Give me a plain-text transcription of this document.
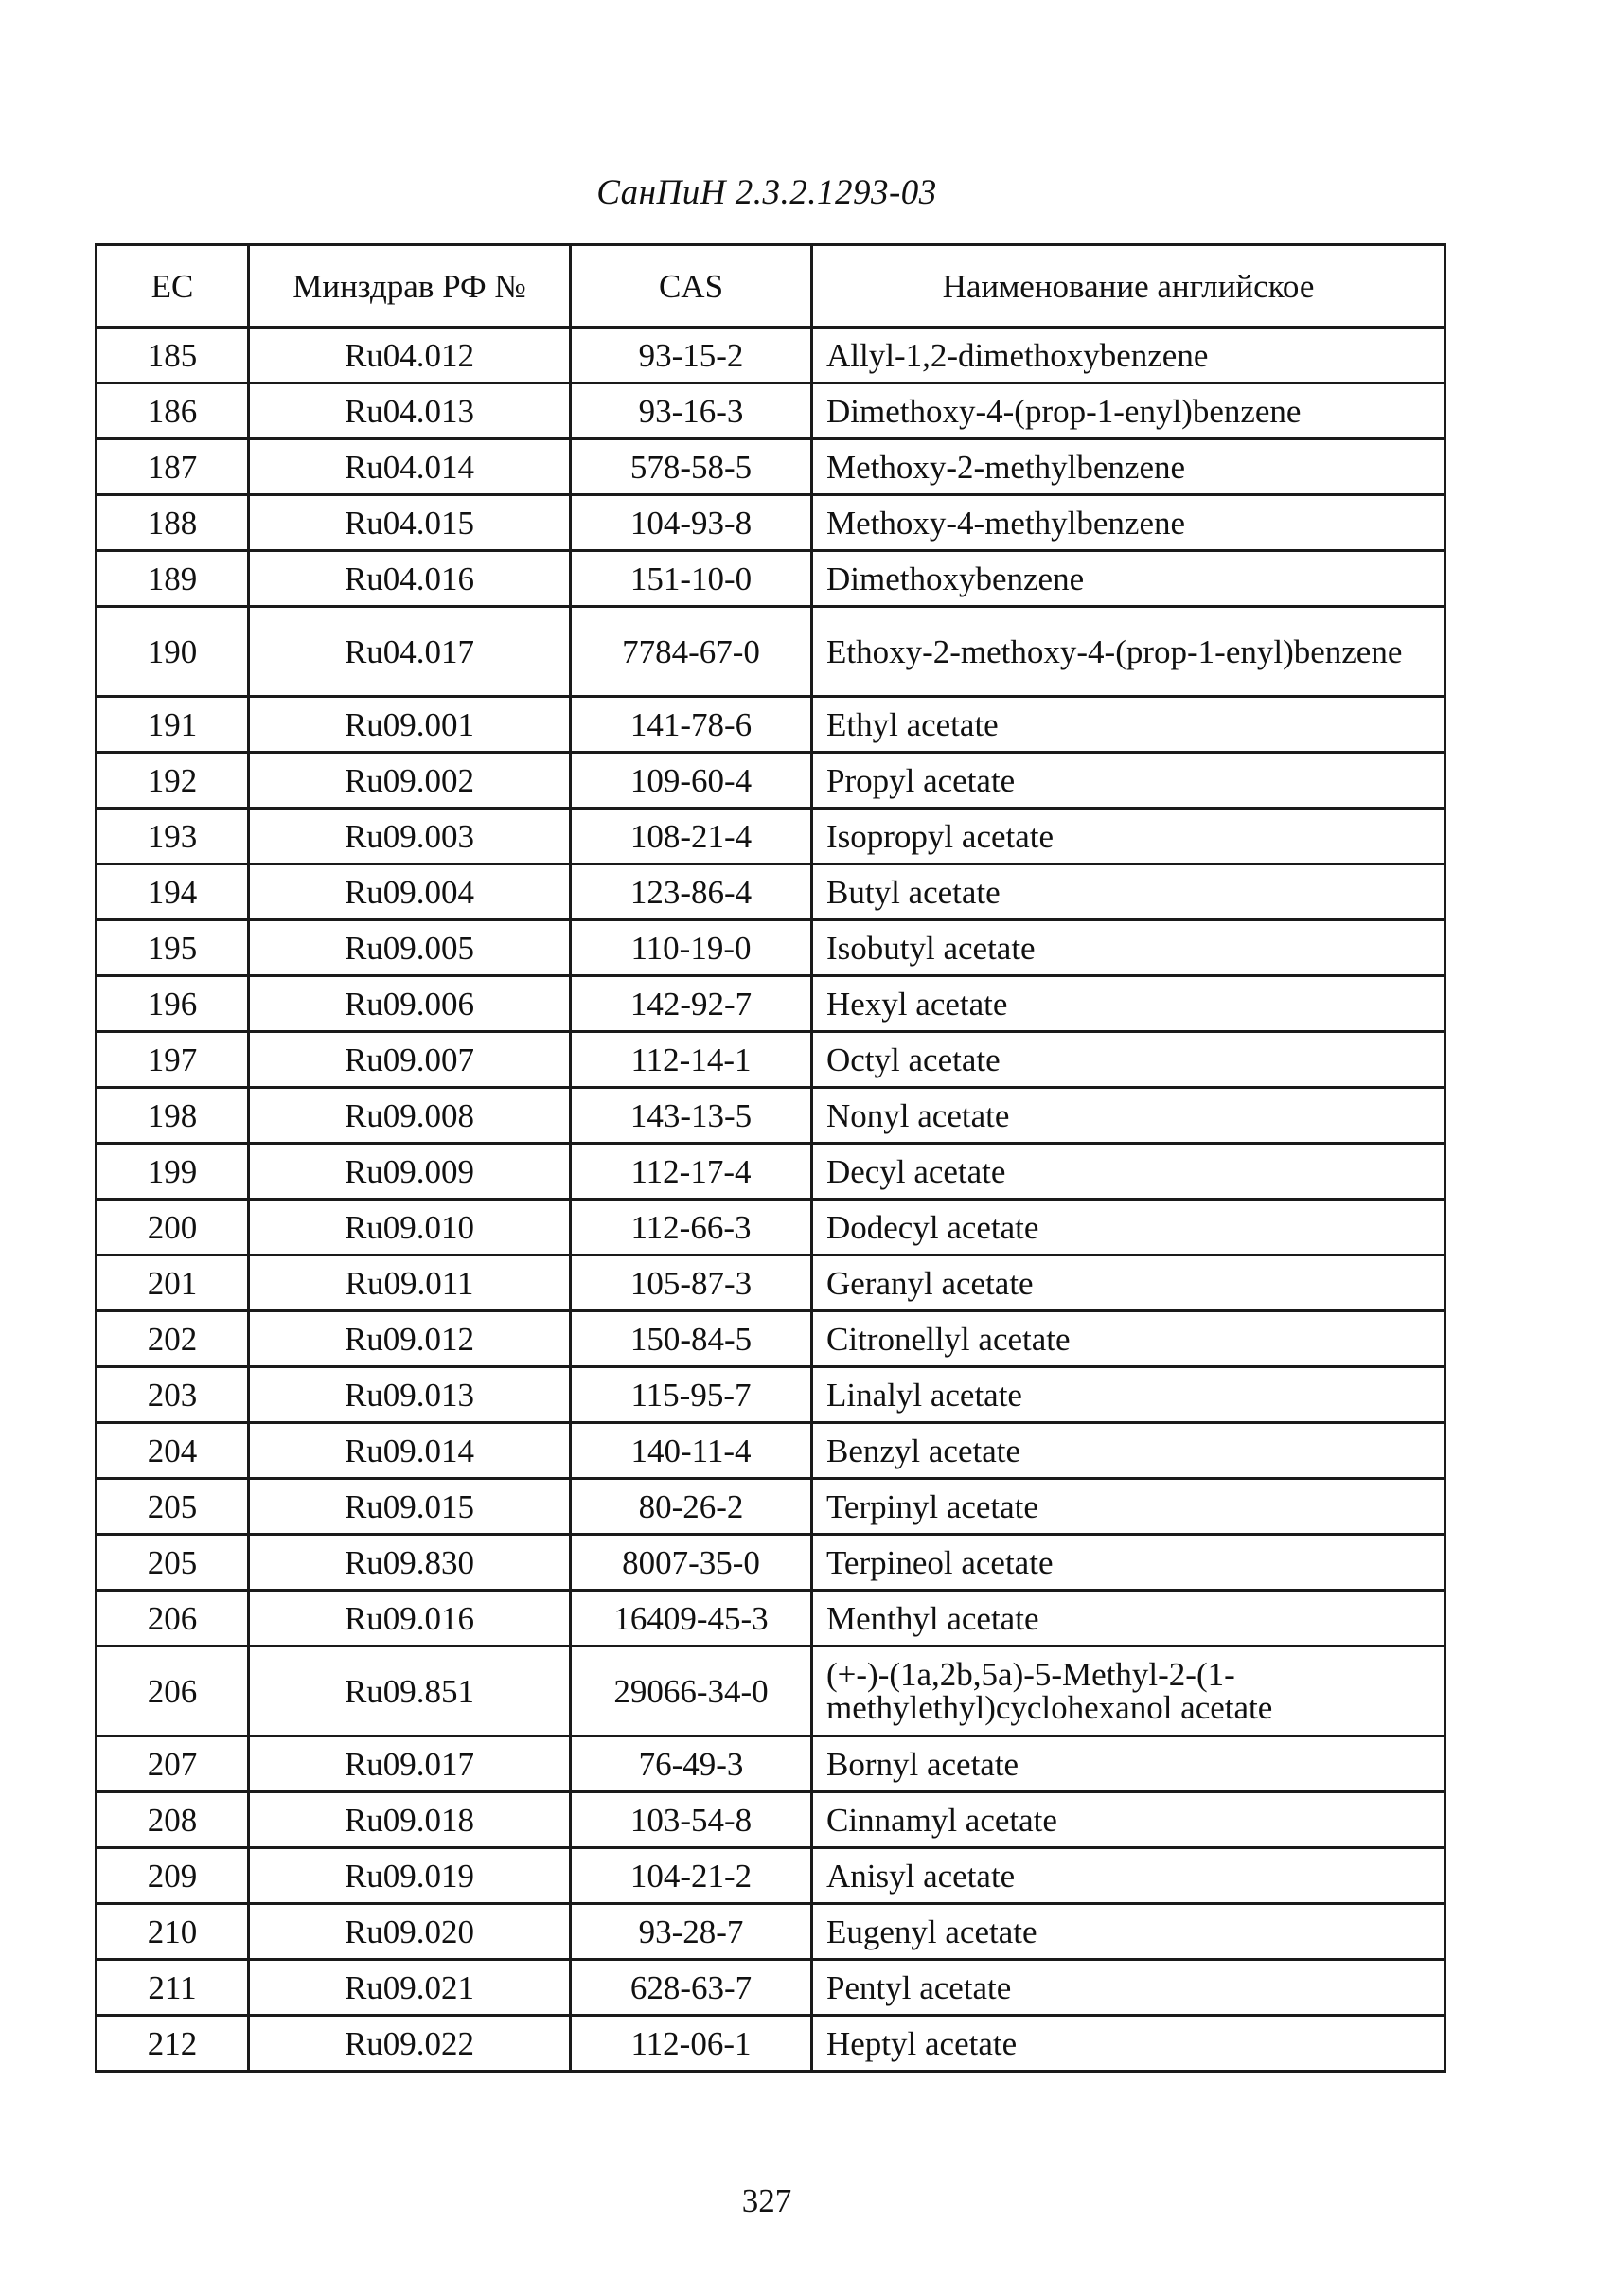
СанПиН 2.3.2.1293-03
ЕС	Минздрав РФ №	CAS	Наименование английское
185	Ru04.012	93-15-2	Allyl-1,2-dimethoxybenzene
186	Ru04.013	93-16-3	Dimethoxy-4-(prop-1-enyl)benzene
187	Ru04.014	578-58-5	Methoxy-2-methylbenzene
188	Ru04.015	104-93-8	Methoxy-4-methylbenzene
189	Ru04.016	151-10-0	Dimethoxybenzene
190	Ru04.017	7784-67-0	Ethoxy-2-methoxy-4-(prop-1-enyl)benzene
191	Ru09.001	141-78-6	Ethyl acetate
192	Ru09.002	109-60-4	Propyl acetate
193	Ru09.003	108-21-4	Isopropyl acetate
194	Ru09.004	123-86-4	Butyl acetate
195	Ru09.005	110-19-0	Isobutyl acetate
196	Ru09.006	142-92-7	Hexyl acetate
197	Ru09.007	112-14-1	Octyl acetate
198	Ru09.008	143-13-5	Nonyl acetate
199	Ru09.009	112-17-4	Decyl acetate
200	Ru09.010	112-66-3	Dodecyl acetate
201	Ru09.011	105-87-3	Geranyl acetate
202	Ru09.012	150-84-5	Citronellyl acetate
203	Ru09.013	115-95-7	Linalyl acetate
204	Ru09.014	140-11-4	Benzyl acetate
205	Ru09.015	80-26-2	Terpinyl acetate
205	Ru09.830	8007-35-0	Terpineol acetate
206	Ru09.016	16409-45-3	Menthyl acetate
206	Ru09.851	29066-34-0	(+-)-(1a,2b,5a)-5-Methyl-2-(1-methylethyl)cyclohexanol acetate
207	Ru09.017	76-49-3	Bornyl acetate
208	Ru09.018	103-54-8	Cinnamyl acetate
209	Ru09.019	104-21-2	Anisyl acetate
210	Ru09.020	93-28-7	Eugenyl acetate
211	Ru09.021	628-63-7	Pentyl acetate
212	Ru09.022	112-06-1	Heptyl acetate
327
